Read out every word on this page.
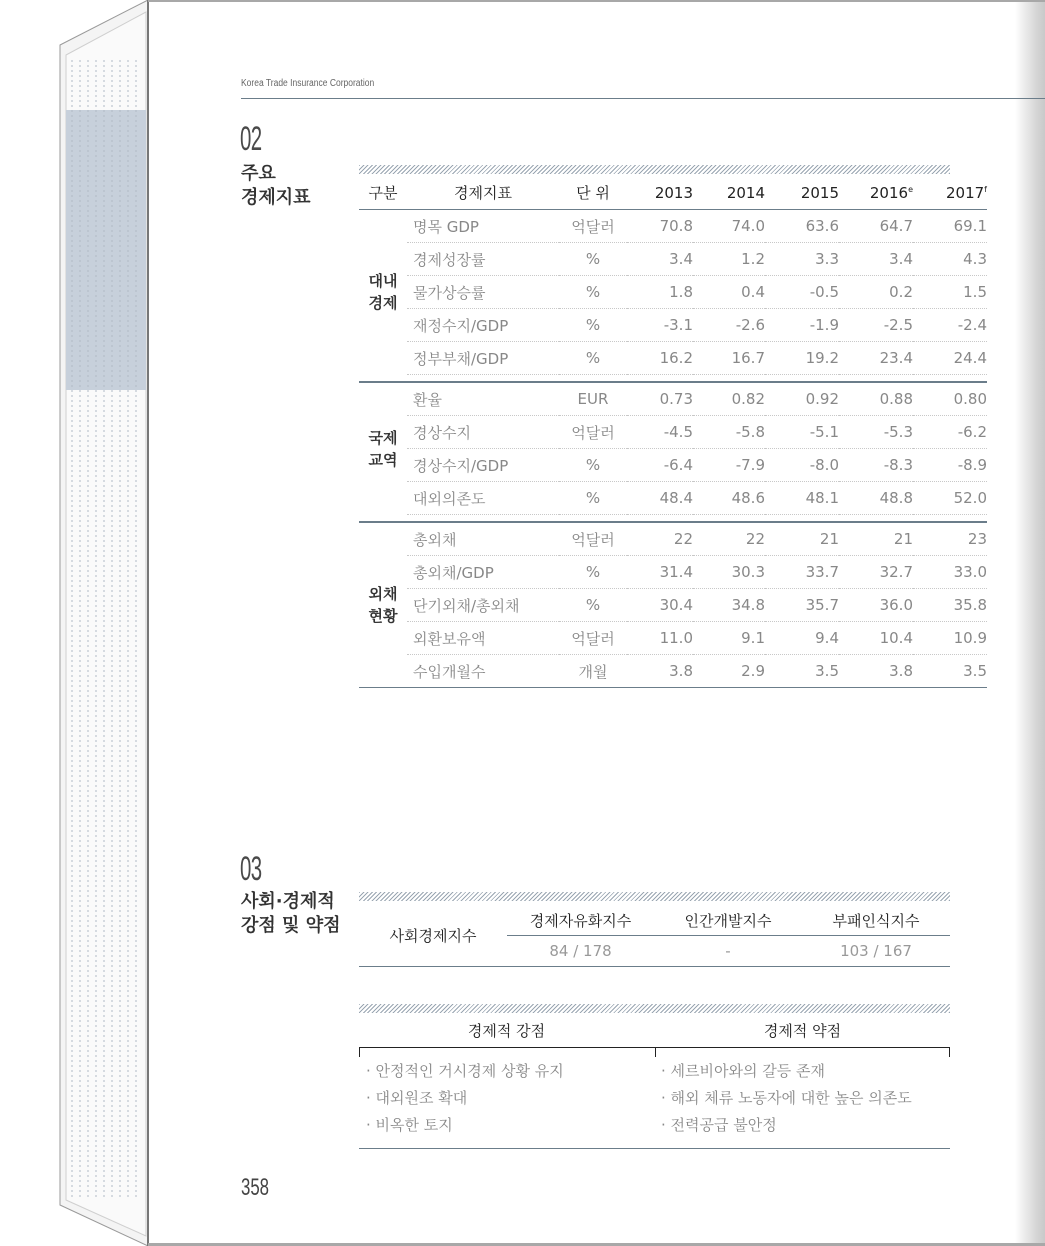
Korea Trade Insurance Corporation
02
주요
경제지표	구분	경제지표	단 위	2013	2014	2015	2016e	2017$^f$

대내
경제	명목 GDP	억달러	70.8	74.0	63.6	64.7	69.1
	경제성장률	%	3.4	1.2	3.3	3.4	4.3
	물가상승률	%	1.8	0.4	-0.5	0.2	1.5
	재정수지/GDP	%	-3.1	-2.6	-1.9	-2.5	-2.4
	정부부채/GDP	%	16.2	16.7	19.2	23.4	24.4

국제
교역	환율	EUR	0.73	0.82	0.92	0.88	0.80
	경상수지	억달러	-4.5	-5.8	-5.1	-5.3	-6.2
	경상수지/GDP	%	-6.4	-7.9	-8.0	-8.3	-8.9
	대외의존도	%	48.4	48.6	48.1	48.8	52.0

외채
현황	총외채	억달러	22	22	21	21	23
	총외채/GDP	%	31.4	30.3	33.7	32.7	33.0
	단기외채/총외채	%	30.4	34.8	35.7	36.0	35.8
	외환보유액	억달러	11.0	9.1	9.4	10.4	10.9
	수입개월수	개월	3.8	2.9	3.5	3.8	3.5
03
사회·경제적
강점 및 약점	사회경제지수	경제자유화지수	인간개발지수	부패인식지수
	84 / 178	-	103 / 167
경제적 강점	경제적 약점
· 안정적인 거시경제 상황 유지
· 대외원조 확대
· 비옥한 토지
· 세르비아와의 갈등 존재
· 해외 체류 노동자에 대한 높은 의존도
· 전력공급 불안정
358
